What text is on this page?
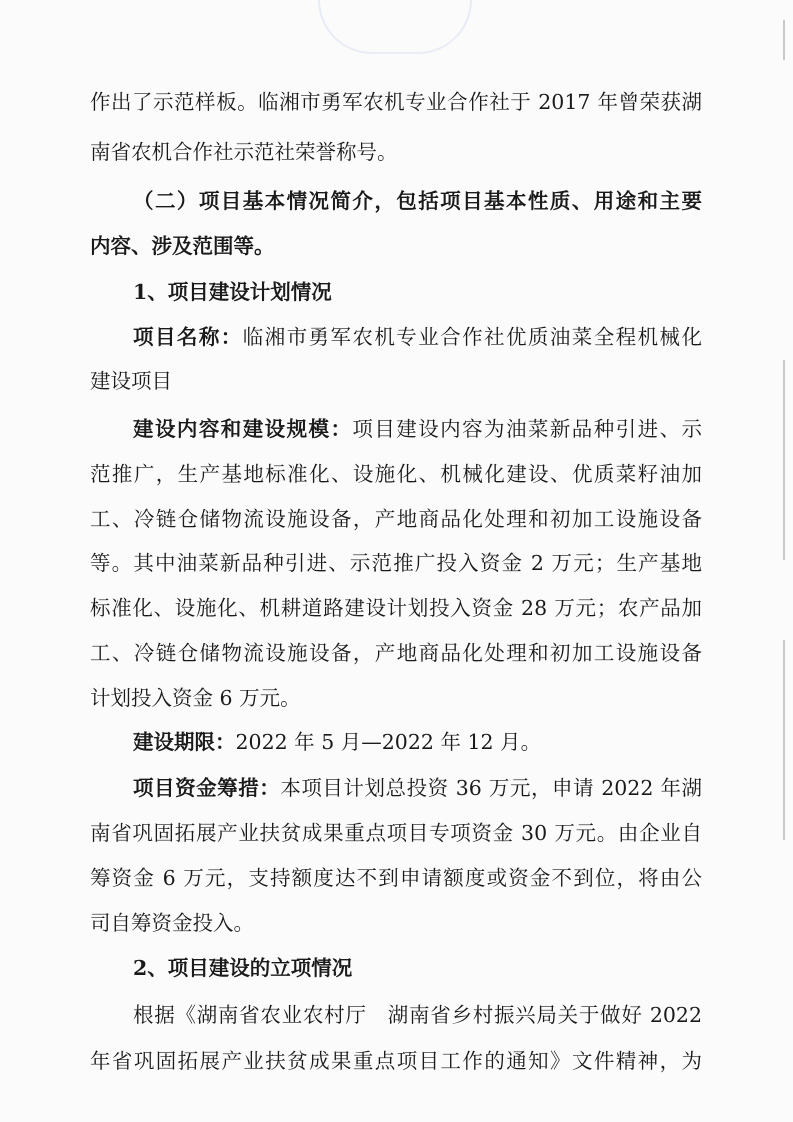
作出了示范样板。临湘市勇军农机专业合作社于 2017 年曾荣获湖
南省农机合作社示范社荣誉称号。
（二）项目基本情况简介，包括项目基本性质、用途和主要
内容、涉及范围等。
1、项目建设计划情况
项目名称：临湘市勇军农机专业合作社优质油菜全程机械化
建设项目
建设内容和建设规模：项目建设内容为油菜新品种引进、示
范推广，生产基地标准化、设施化、机械化建设、优质菜籽油加
工、冷链仓储物流设施设备，产地商品化处理和初加工设施设备
等。其中油菜新品种引进、示范推广投入资金 2 万元；生产基地
标准化、设施化、机耕道路建设计划投入资金 28 万元；农产品加
工、冷链仓储物流设施设备，产地商品化处理和初加工设施设备
计划投入资金 6 万元。
建设期限：2022 年 5 月—2022 年 12 月。
项目资金筹措：本项目计划总投资 36 万元，申请 2022 年湖
南省巩固拓展产业扶贫成果重点项目专项资金 30 万元。由企业自
筹资金 6 万元，支持额度达不到申请额度或资金不到位，将由公
司自筹资金投入。
2、项目建设的立项情况
根据《湖南省农业农村厅　湖南省乡村振兴局关于做好 2022
年省巩固拓展产业扶贫成果重点项目工作的通知》文件精神，为
